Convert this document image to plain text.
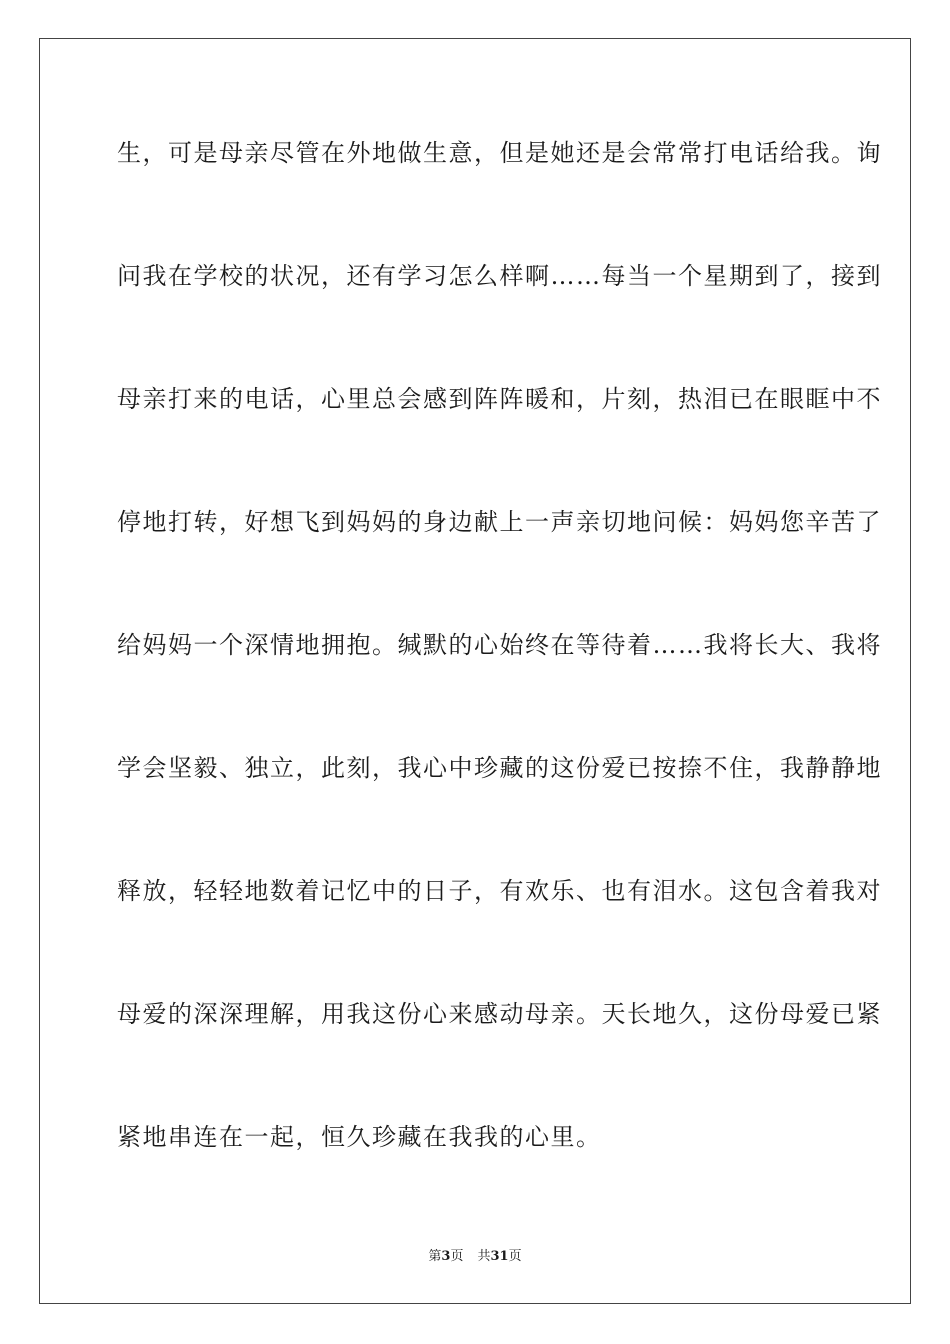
生，可是母亲尽管在外地做生意，但是她还是会常常打电话给我。询
问我在学校的状况，还有学习怎么样啊……每当一个星期到了，接到
母亲打来的电话，心里总会感到阵阵暖和，片刻，热泪已在眼眶中不
停地打转，好想飞到妈妈的身边献上一声亲切地问候：妈妈您辛苦了
给妈妈一个深情地拥抱。缄默的心始终在等待着……我将长大、我将
学会坚毅、独立，此刻，我心中珍藏的这份爱已按捺不住，我静静地
释放，轻轻地数着记忆中的日子，有欢乐、也有泪水。这包含着我对
母爱的深深理解，用我这份心来感动母亲。天长地久，这份母爱已紧
紧地串连在一起，恒久珍藏在我我的心里。
第3页 共31页
